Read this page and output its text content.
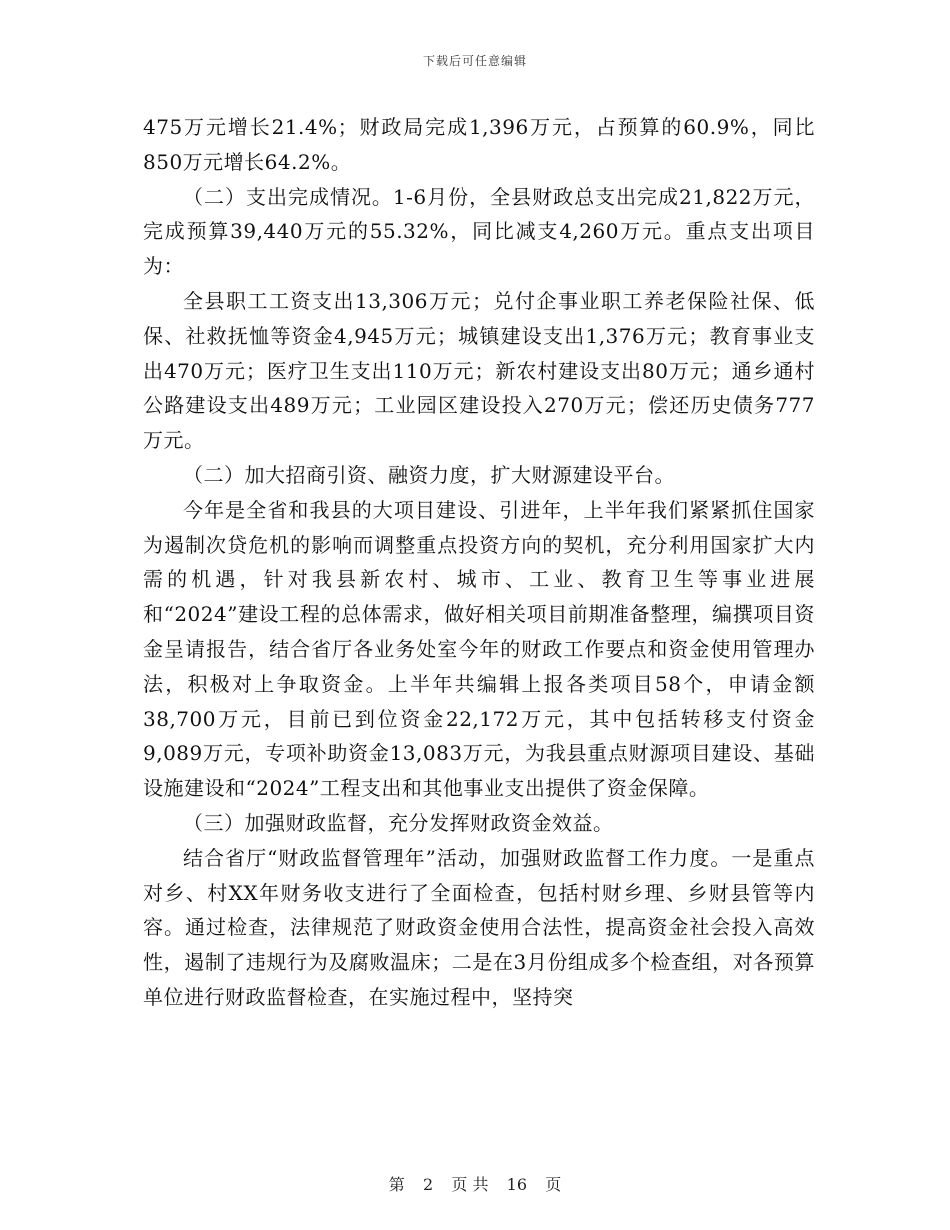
下载后可任意编辑

475万元增长21.4%；财政局完成1,396万元，占预算的60.9%，同比850万元增长64.2%。

（二）支出完成情况。1-6月份，全县财政总支出完成21,822万元，完成预算39,440万元的55.32%，同比减支4,260万元。重点支出项目为：

全县职工工资支出13,306万元；兑付企事业职工养老保险社保、低保、社救抚恤等资金4,945万元；城镇建设支出1,376万元；教育事业支出470万元；医疗卫生支出110万元；新农村建设支出80万元；通乡通村公路建设支出489万元；工业园区建设投入270万元；偿还历史债务777万元。

（二）加大招商引资、融资力度，扩大财源建设平台。

今年是全省和我县的大项目建设、引进年，上半年我们紧紧抓住国家为遏制次贷危机的影响而调整重点投资方向的契机，充分利用国家扩大内需的机遇，针对我县新农村、城市、工业、教育卫生等事业进展和“2024”建设工程的总体需求，做好相关项目前期准备整理，编撰项目资金呈请报告，结合省厅各业务处室今年的财政工作要点和资金使用管理办法，积极对上争取资金。上半年共编辑上报各类项目58个，申请金额38,700万元，目前已到位资金22,172万元，其中包括转移支付资金9,089万元，专项补助资金13,083万元，为我县重点财源项目建设、基础设施建设和“2024”工程支出和其他事业支出提供了资金保障。

（三）加强财政监督，充分发挥财政资金效益。

结合省厅“财政监督管理年”活动，加强财政监督工作力度。一是重点对乡、村XX年财务收支进行了全面检查，包括村财乡理、乡财县管等内容。通过检查，法律规范了财政资金使用合法性，提高资金社会投入高效性，遏制了违规行为及腐败温床；二是在3月份组成多个检查组，对各预算单位进行财政监督检查，在实施过程中，坚持突

第 2 页 共 16 页
